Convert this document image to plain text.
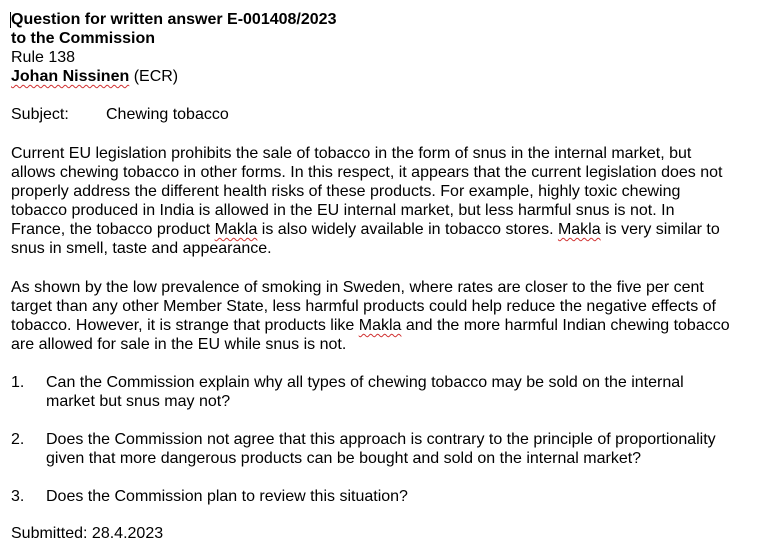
Question for written answer E-001408/2023
to the Commission
Rule 138
Johan Nissinen (ECR)
Subject: Chewing tobacco
Current EU legislation prohibits the sale of tobacco in the form of snus in the internal market, but
allows chewing tobacco in other forms. In this respect, it appears that the current legislation does not
properly address the different health risks of these products. For example, highly toxic chewing
tobacco produced in India is allowed in the EU internal market, but less harmful snus is not. In
France, the tobacco product Makla is also widely available in tobacco stores. Makla is very similar to
snus in smell, taste and appearance.
As shown by the low prevalence of smoking in Sweden, where rates are closer to the five per cent
target than any other Member State, less harmful products could help reduce the negative effects of
tobacco. However, it is strange that products like Makla and the more harmful Indian chewing tobacco
are allowed for sale in the EU while snus is not.
1.	Can the Commission explain why all types of chewing tobacco may be sold on the internal
market but snus may not?
2.	Does the Commission not agree that this approach is contrary to the principle of proportionality
given that more dangerous products can be bought and sold on the internal market?
3.	Does the Commission plan to review this situation?
Submitted: 28.4.2023
